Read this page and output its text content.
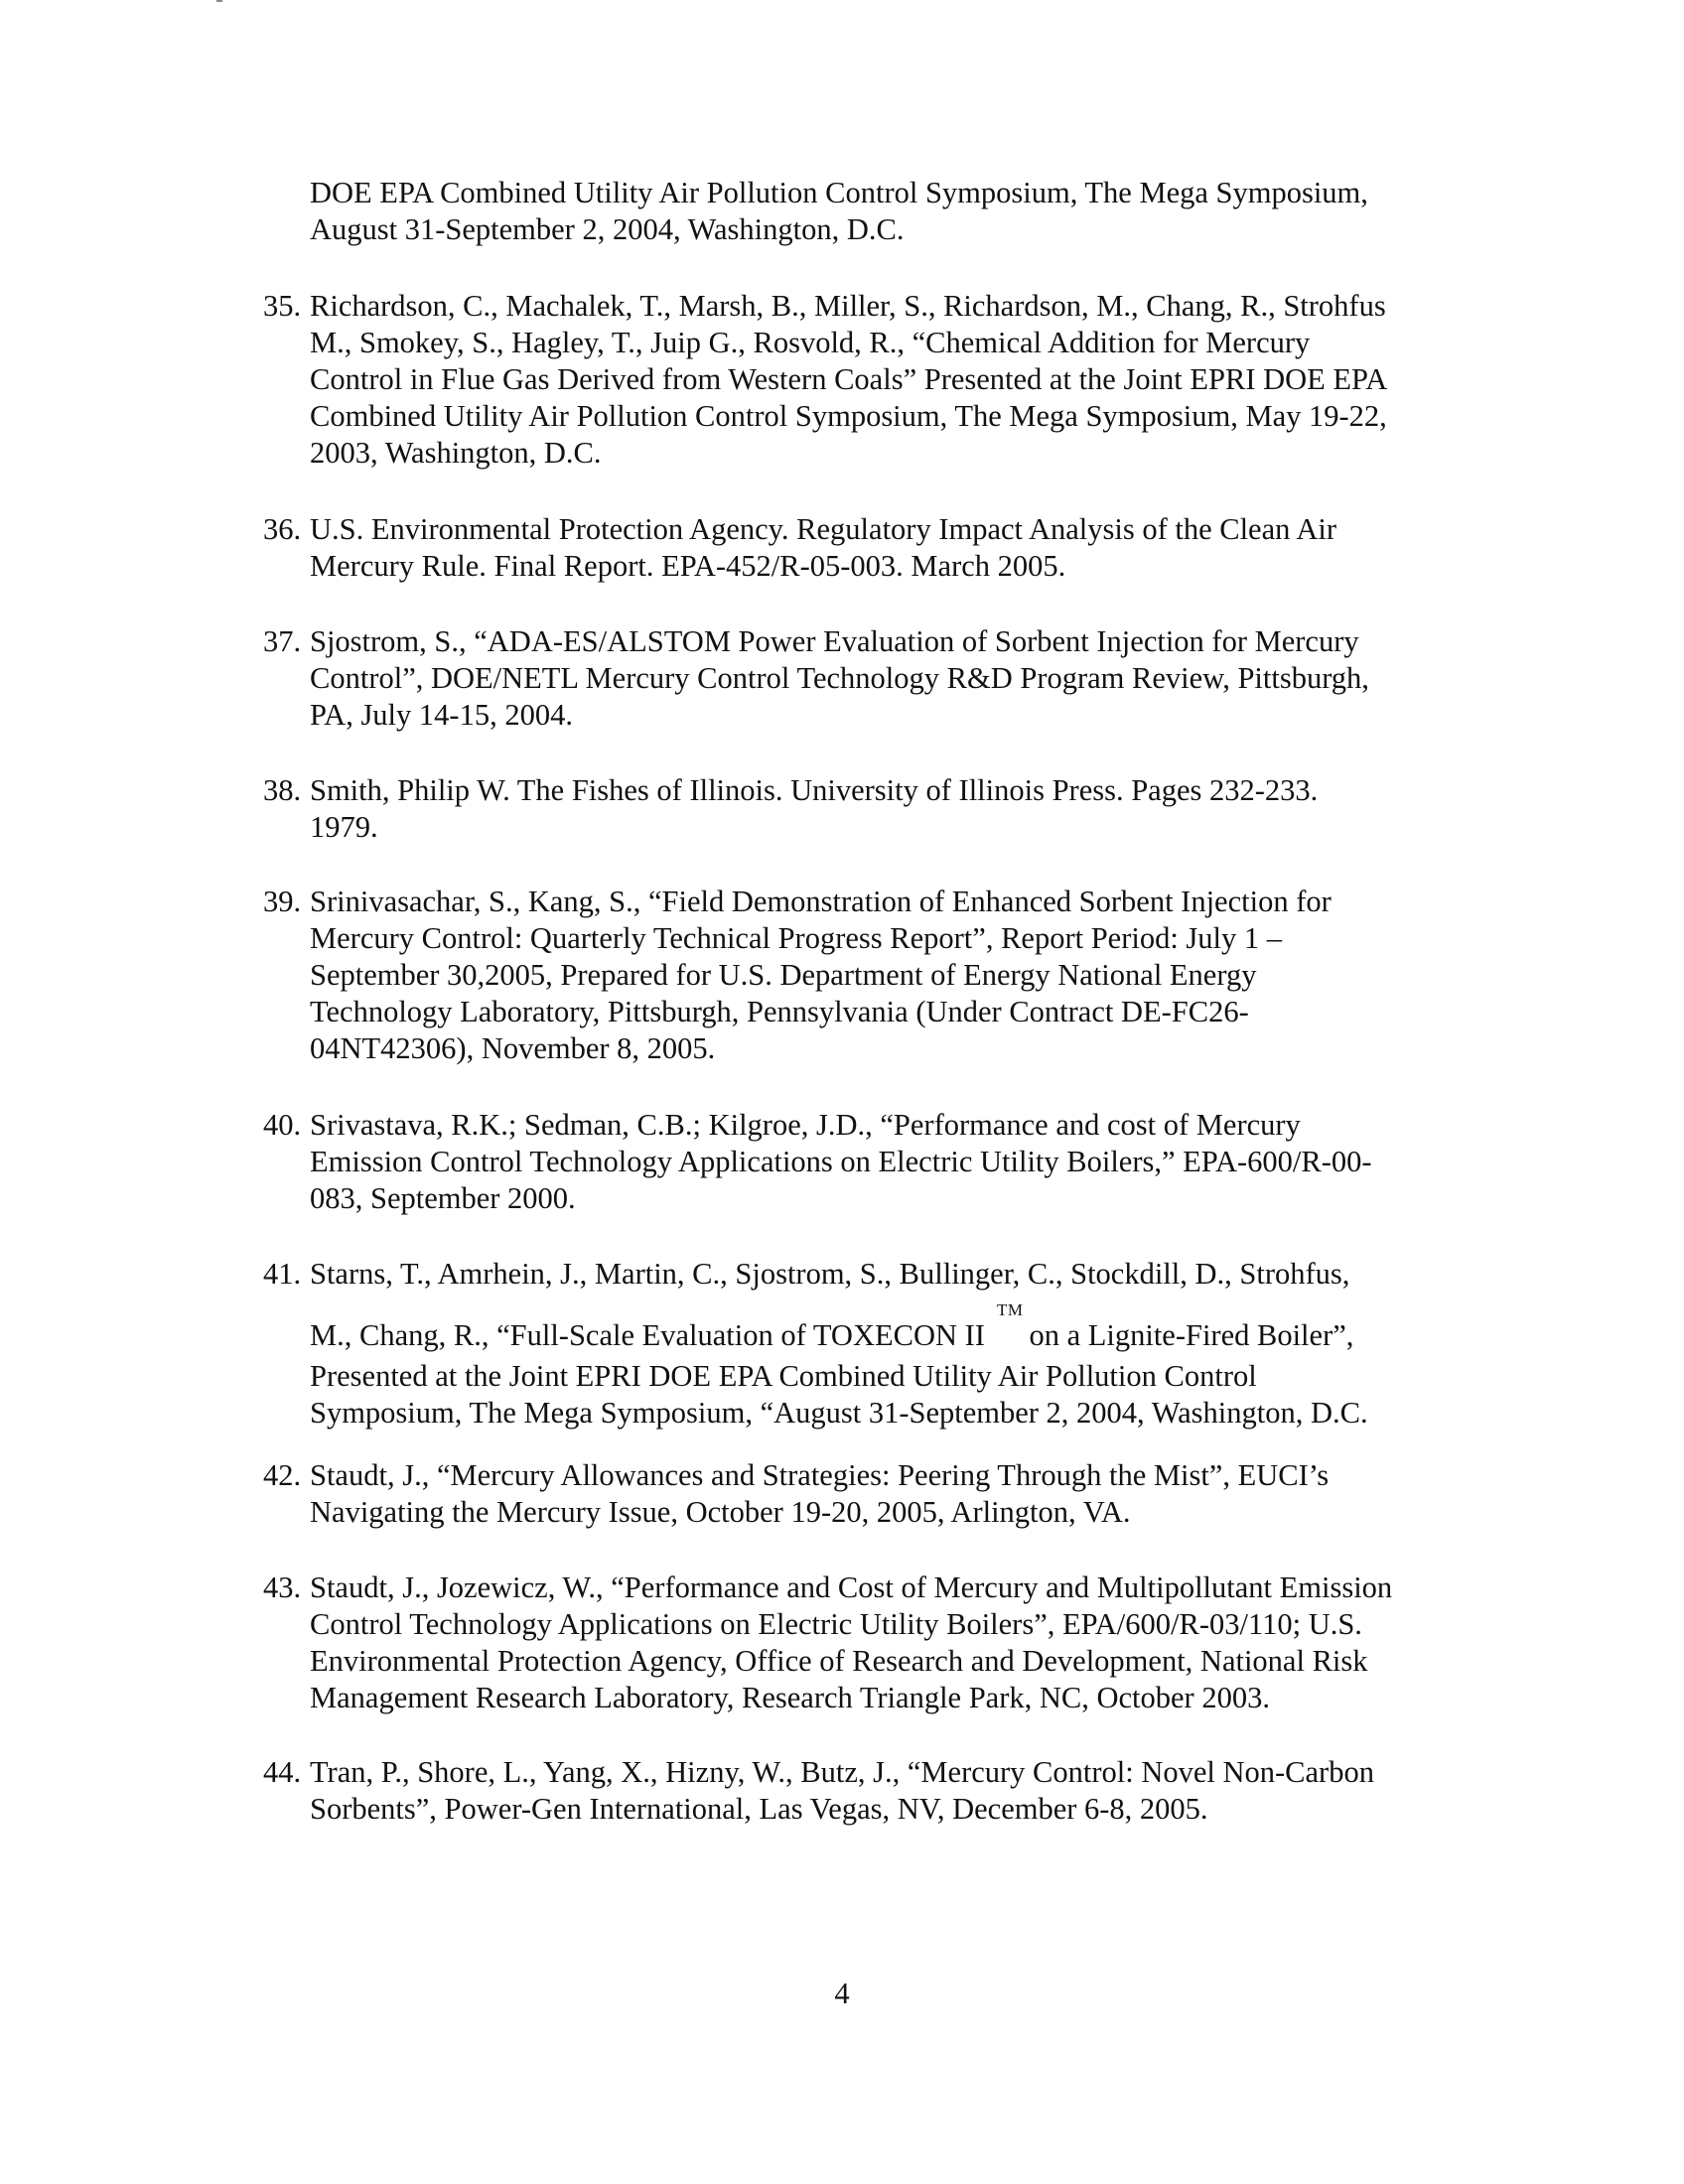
DOE EPA Combined Utility Air Pollution Control Symposium, The Mega Symposium,
August 31-September 2, 2004, Washington, D.C.

35. Richardson, C., Machalek, T., Marsh, B., Miller, S., Richardson, M., Chang, R., Strohfus
M., Smokey, S., Hagley, T., Juip G., Rosvold, R., “Chemical Addition for Mercury
Control in Flue Gas Derived from Western Coals” Presented at the Joint EPRI DOE EPA
Combined Utility Air Pollution Control Symposium, The Mega Symposium, May 19-22,
2003, Washington, D.C.
36. U.S. Environmental Protection Agency. Regulatory Impact Analysis of the Clean Air
Mercury Rule. Final Report. EPA-452/R-05-003. March 2005.
37. Sjostrom, S., “ADA-ES/ALSTOM Power Evaluation of Sorbent Injection for Mercury
Control”, DOE/NETL Mercury Control Technology R&D Program Review, Pittsburgh,
PA, July 14-15, 2004.
38. Smith, Philip W. The Fishes of Illinois. University of Illinois Press. Pages 232-233.
1979.
39. Srinivasachar, S., Kang, S., “Field Demonstration of Enhanced Sorbent Injection for
Mercury Control: Quarterly Technical Progress Report”, Report Period: July 1 –
September 30,2005, Prepared for U.S. Department of Energy National Energy
Technology Laboratory, Pittsburgh, Pennsylvania (Under Contract DE-FC26-
04NT42306), November 8, 2005.
40. Srivastava, R.K.; Sedman, C.B.; Kilgroe, J.D., “Performance and cost of Mercury
Emission Control Technology Applications on Electric Utility Boilers,” EPA-600/R-00-
083, September 2000.
41. Starns, T., Amrhein, J., Martin, C., Sjostrom, S., Bullinger, C., Stockdill, D., Strohfus,
M., Chang, R., “Full-Scale Evaluation of TOXECON II™on a Lignite-Fired Boiler”,
Presented at the Joint EPRI DOE EPA Combined Utility Air Pollution Control
Symposium, The Mega Symposium, “August 31-September 2, 2004, Washington, D.C.
42. Staudt, J., “Mercury Allowances and Strategies: Peering Through the Mist”, EUCI’s
Navigating the Mercury Issue, October 19-20, 2005, Arlington, VA.
43. Staudt, J., Jozewicz, W., “Performance and Cost of Mercury and Multipollutant Emission
Control Technology Applications on Electric Utility Boilers”, EPA/600/R-03/110; U.S.
Environmental Protection Agency, Office of Research and Development, National Risk
Management Research Laboratory, Research Triangle Park, NC, October 2003.
44. Tran, P., Shore, L., Yang, X., Hizny, W., Butz, J., “Mercury Control: Novel Non-Carbon
Sorbents”, Power-Gen International, Las Vegas, NV, December 6-8, 2005.

4
